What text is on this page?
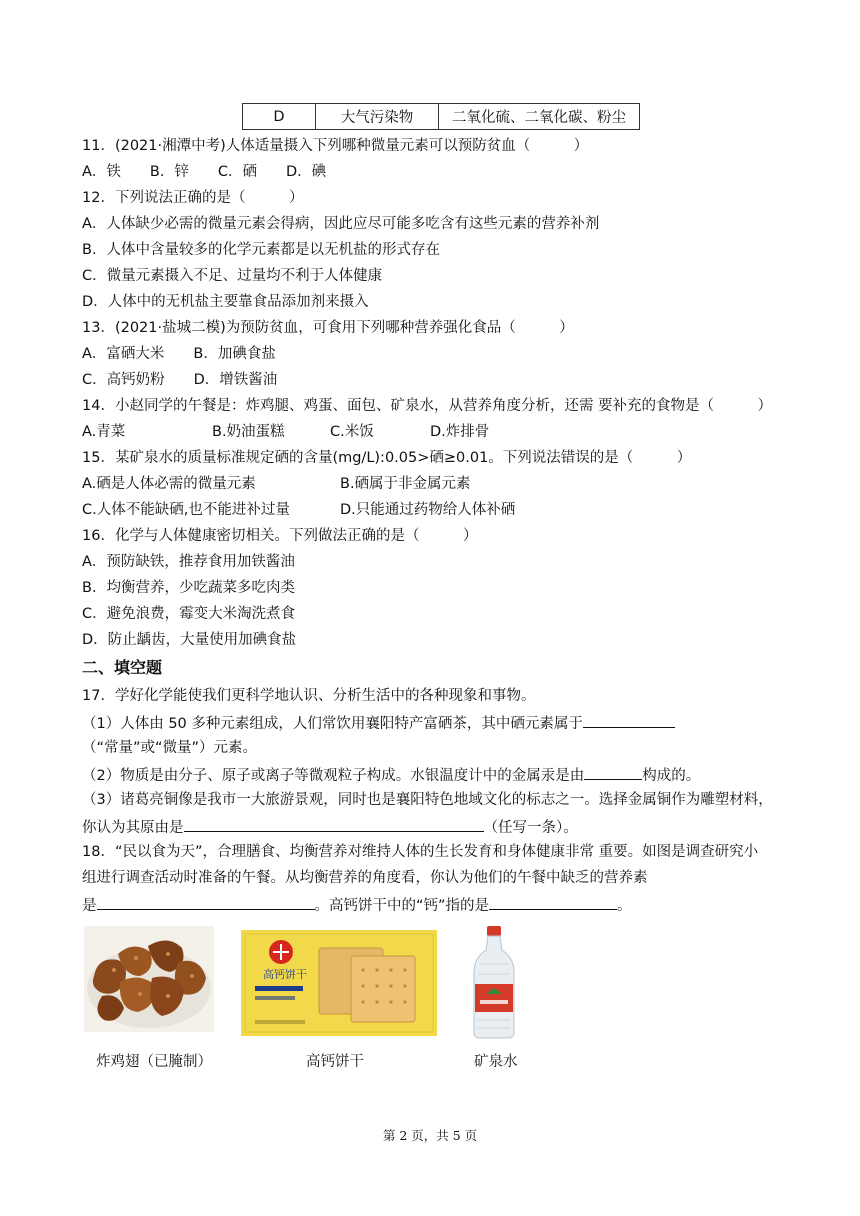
D	大气污染物	二氧化硫、二氧化碳、粉尘
11．(2021·湘潭中考)人体适量摄入下列哪种微量元素可以预防贫血（　　　）
A．铁　　B．锌　　C．硒　　D．碘
12．下列说法正确的是（　　　）
A．人体缺少必需的微量元素会得病，因此应尽可能多吃含有这些元素的营养补剂
B．人体中含量较多的化学元素都是以无机盐的形式存在
C．微量元素摄入不足、过量均不利于人体健康
D．人体中的无机盐主要靠食品添加剂来摄入
13．(2021·盐城二模)为预防贫血，可食用下列哪种营养强化食品（　　　）
A．富硒大米　　B．加碘食盐
C．高钙奶粉　　D．增铁酱油
14．小赵同学的午餐是：炸鸡腿、鸡蛋、面包、矿泉水，从营养角度分析，还需 要补充的食物是（　　　）
A.青菜	B.奶油蛋糕	C.米饭	D.炸排骨
15．某矿泉水的质量标准规定硒的含量(mg/L):0.05>硒≥0.01。下列说法错误的是（　　　）
A.硒是人体必需的微量元素	B.硒属于非金属元素
C.人体不能缺硒,也不能进补过量	D.只能通过药物给人体补硒
16．化学与人体健康密切相关。下列做法正确的是（　　　）
A．预防缺铁，推荐食用加铁酱油
B．均衡营养，少吃蔬菜多吃肉类
C．避免浪费，霉变大米淘洗煮食
D．防止龋齿，大量使用加碘食盐
二、填空题
17．学好化学能使我们更科学地认识、分析生活中的各种现象和事物。
（1）人体由 50 多种元素组成，人们常饮用襄阳特产富硒茶，其中硒元素属于
（“常量”或“微量”）元素。
（2）物质是由分子、原子或离子等微观粒子构成。水银温度计中的金属汞是由	构成的。
（3）诸葛亮铜像是我市一大旅游景观，同时也是襄阳特色地域文化的标志之一。选择金属铜作为雕塑材料，
你认为其原由是	（任写一条）。
18．“民以食为天”，合理膳食、均衡营养对维持人体的生长发育和身体健康非常 重要。如图是调查研究小
组进行调查活动时准备的午餐。从均衡营养的角度看，你认为他们的午餐中缺乏的营养素
是	。高钙饼干中的“钙”指的是	。
炸鸡翅（已腌制）
高钙饼干
高钙饼干	矿泉水
第 2 页，共 5 页
